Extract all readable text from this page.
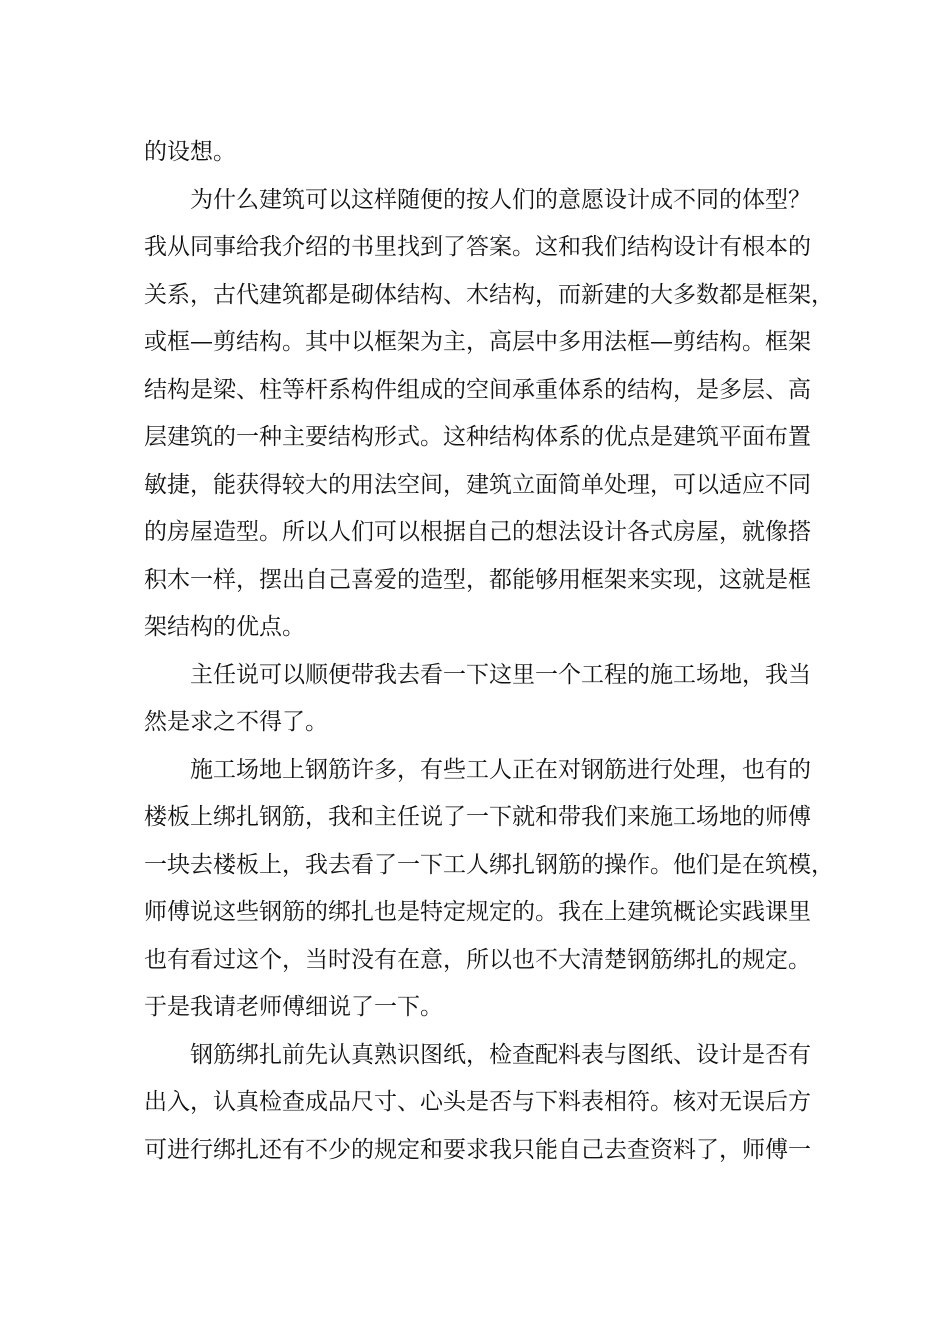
的设想。
为什么建筑可以这样随便的按人们的意愿设计成不同的体型？
我从同事给我介绍的书里找到了答案。这和我们结构设计有根本的
关系，古代建筑都是砌体结构、木结构，而新建的大多数都是框架，
或框—剪结构。其中以框架为主，高层中多用法框—剪结构。框架
结构是梁、柱等杆系构件组成的空间承重体系的结构，是多层、高
层建筑的一种主要结构形式。这种结构体系的优点是建筑平面布置
敏捷，能获得较大的用法空间，建筑立面简单处理，可以适应不同
的房屋造型。所以人们可以根据自己的想法设计各式房屋，就像搭
积木一样，摆出自己喜爱的造型，都能够用框架来实现，这就是框
架结构的优点。
主任说可以顺便带我去看一下这里一个工程的施工场地，我当
然是求之不得了。
施工场地上钢筋许多，有些工人正在对钢筋进行处理，也有的
楼板上绑扎钢筋，我和主任说了一下就和带我们来施工场地的师傅
一块去楼板上，我去看了一下工人绑扎钢筋的操作。他们是在筑模，
师傅说这些钢筋的绑扎也是特定规定的。我在上建筑概论实践课里
也有看过这个，当时没有在意，所以也不大清楚钢筋绑扎的规定。
于是我请老师傅细说了一下。
钢筋绑扎前先认真熟识图纸，检查配料表与图纸、设计是否有
出入，认真检查成品尺寸、心头是否与下料表相符。核对无误后方
可进行绑扎还有不少的规定和要求我只能自己去查资料了，师傅一
